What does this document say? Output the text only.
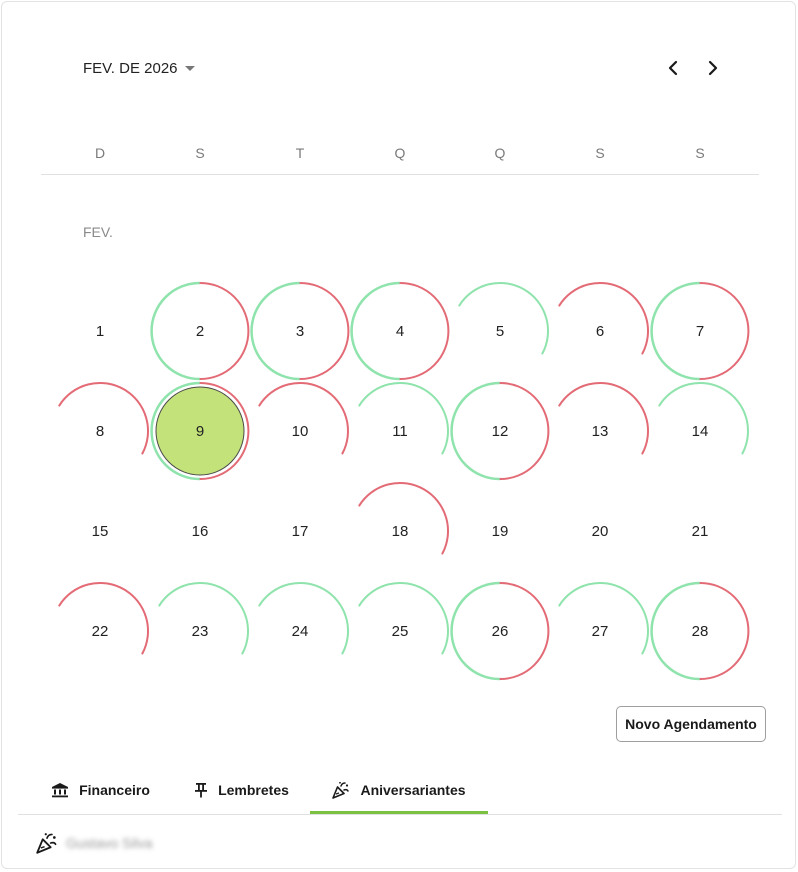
FEV. DE 2026
D	S	T	Q	Q	S	S
FEV.
1	2	3	4	5	6	7
8	9	10	11	12	13	14
15	16	17	18	19	20	21
22	23	24	25	26	27	28
Novo Agendamento
Financeiro	Lembretes	Aniversariantes
Gustavo Silva
